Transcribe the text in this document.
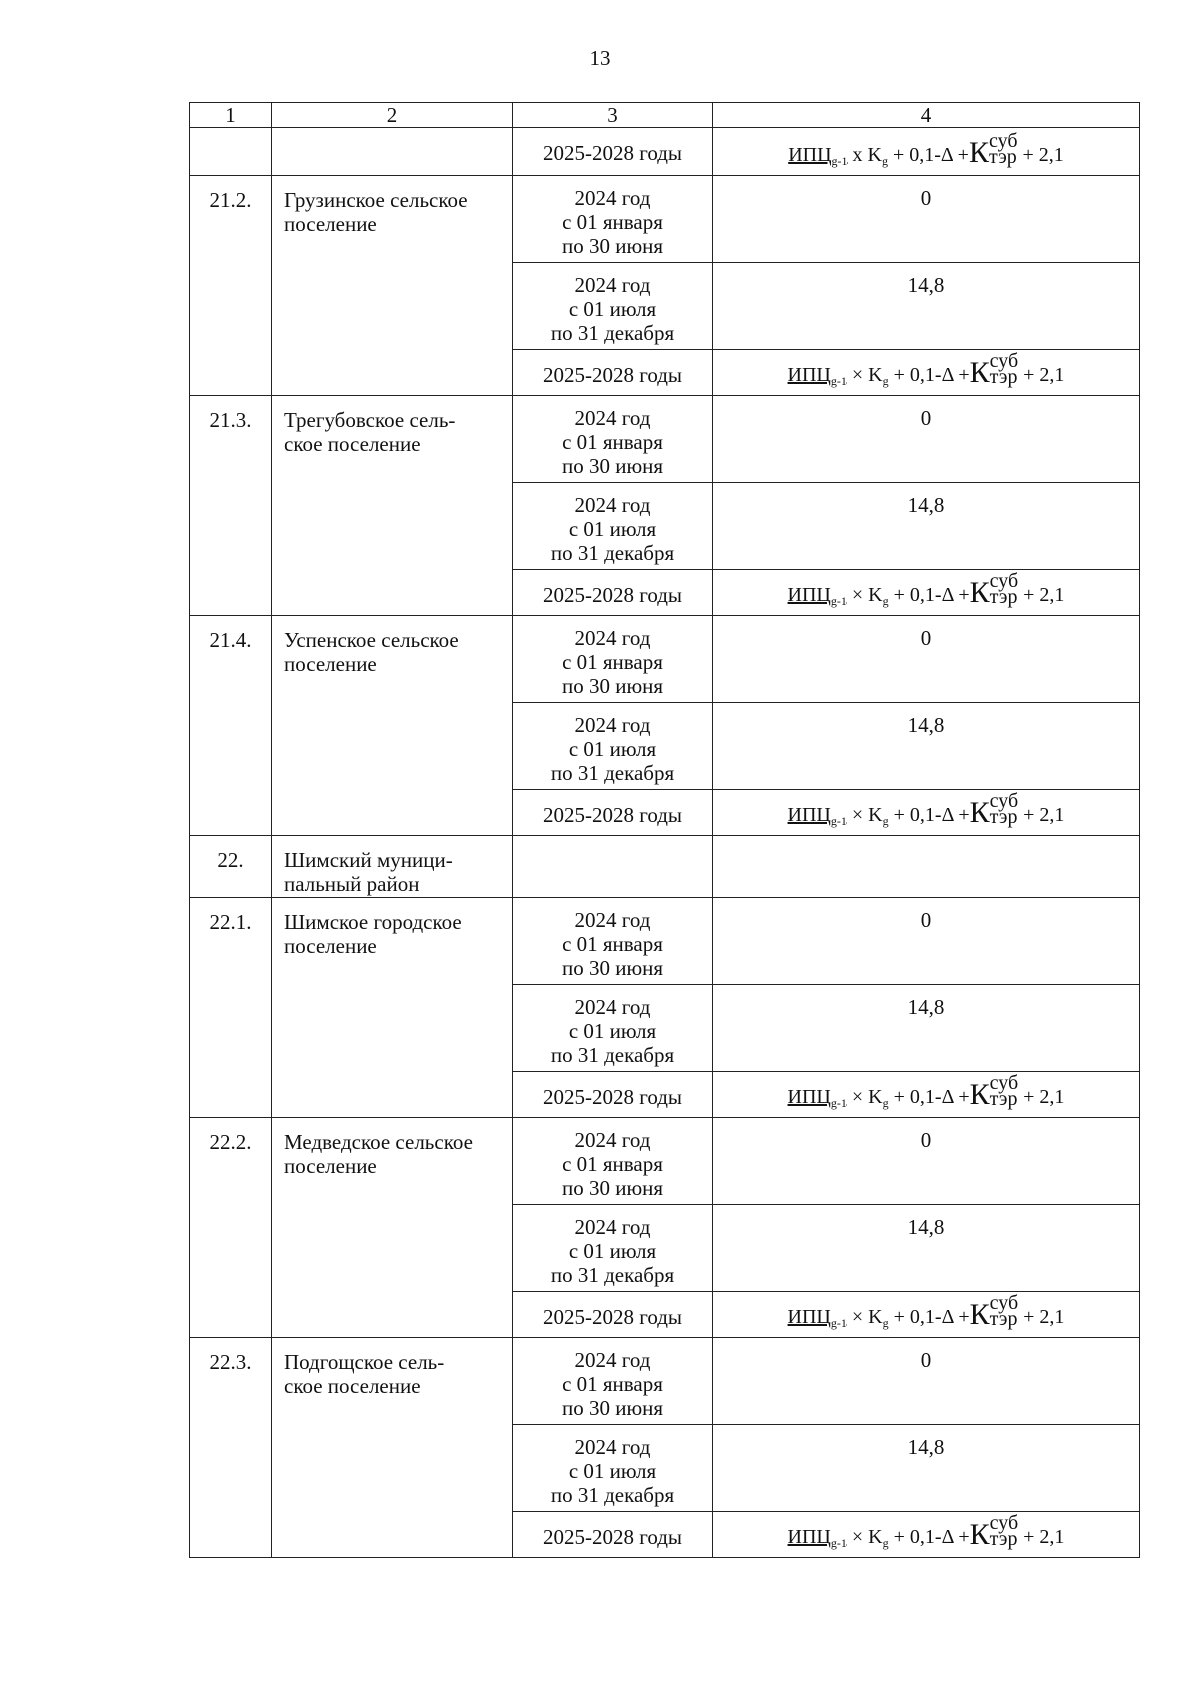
13
1	2	3	4

		2025-2028 годы	$ИПЦ_{g-1}$ x $K_g + 0,1-\Delta +К$ суб
тэр + 2,1
21.2.	Грузинское сельское поселение	2024 год
с 01 января
по 30 июня	0

		2024 год
с 01 июля
по 31 декабря	14,8

		2025-2028 годы	$ИПЦ_{g-1} \times K_g + 0,1-\Delta +К$ суб
тэр + 2,1
21.3.	Трегубовское сель-
ское поселение	2024 год
с 01 января
по 30 июня	0

		2024 год
с 01 июля
по 31 декабря	14,8

		2025-2028 годы	$ИПЦ_{g-1} \times K_g + 0,1-\Delta +К$ суб
тэр + 2,1
21.4.	Успенское сельское поселение	2024 год
с 01 января
по 30 июня	0

		2024 год
с 01 июля
по 31 декабря	14,8

		2025-2028 годы	$ИПЦ_{g-1} \times K_g + 0,1-\Delta +К$ суб
тэр + 2,1
22.	Шимский муници-
пальный район		
22.1.	Шимское городское поселение	2024 год
с 01 января
по 30 июня	0

		2024 год
с 01 июля
по 31 декабря	14,8

		2025-2028 годы	$ИПЦ_{g-1} \times K_g + 0,1-\Delta +К$ суб
тэр + 2,1
22.2.	Медведское сельское поселение	2024 год
с 01 января
по 30 июня	0

		2024 год
с 01 июля
по 31 декабря	14,8

		2025-2028 годы	$ИПЦ_{g-1} \times K_g + 0,1-\Delta +К$ суб
тэр + 2,1
22.3.	Подгощское сель-
ское поселение	2024 год
с 01 января
по 30 июня	0

		2024 год
с 01 июля
по 31 декабря	14,8

		2025-2028 годы	$ИПЦ_{g-1} \times K_g + 0,1-\Delta +К$ суб
тэр + 2,1
